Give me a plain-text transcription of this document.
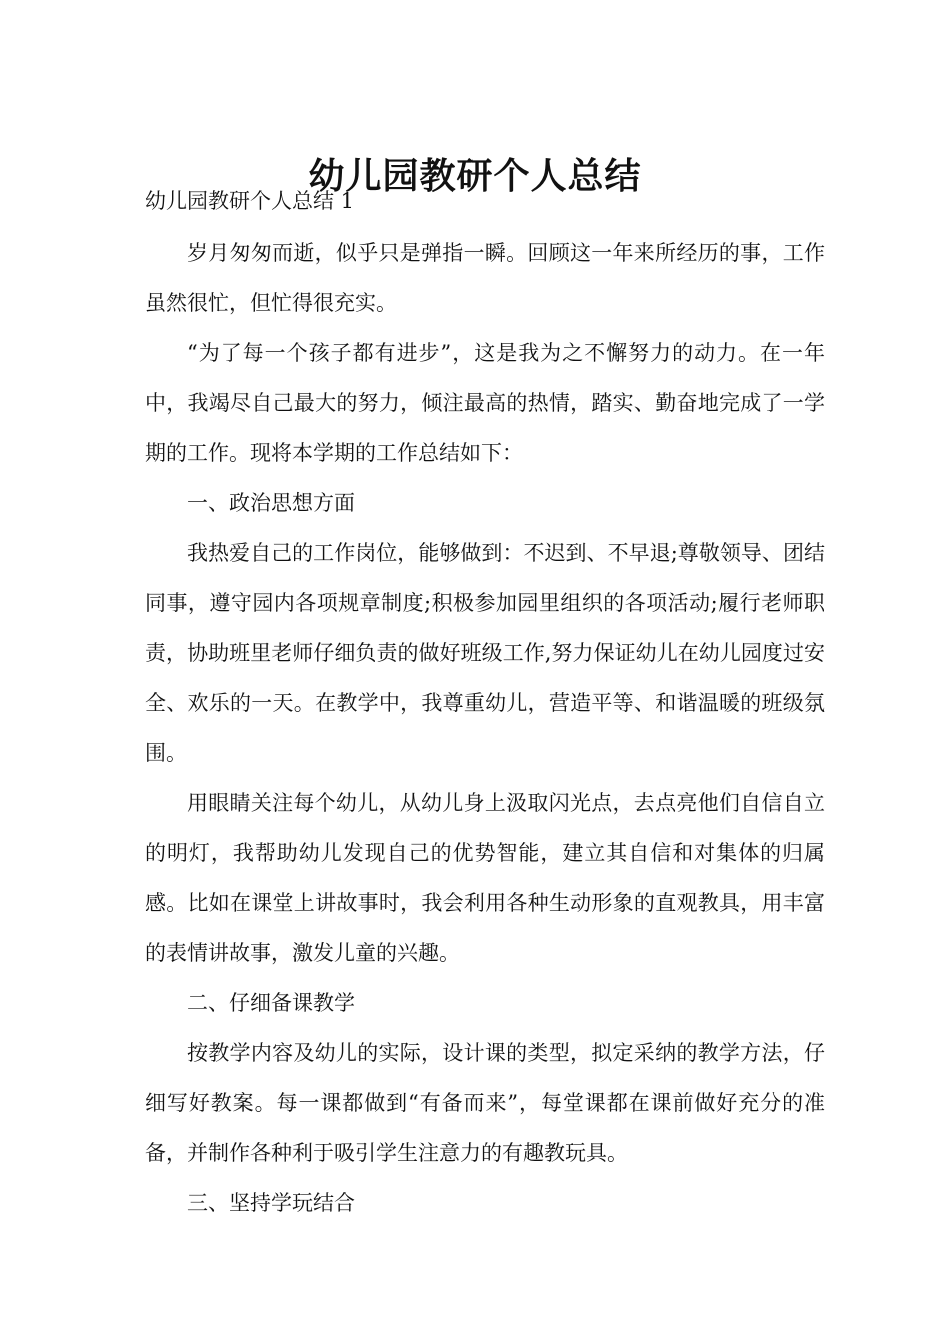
幼儿园教研个人总结
幼儿园教研个人总结 1

岁月匆匆而逝，似乎只是弹指一瞬。回顾这一年来所经历的事，工作虽然很忙，但忙得很充实。

“为了每一个孩子都有进步”，这是我为之不懈努力的动力。在一年中，我竭尽自己最大的努力，倾注最高的热情，踏实、勤奋地完成了一学期的工作。现将本学期的工作总结如下：

一、政治思想方面

我热爱自己的工作岗位，能够做到：不迟到、不早退;尊敬领导、团结同事，遵守园内各项规章制度;积极参加园里组织的各项活动;履行老师职责，协助班里老师仔细负责的做好班级工作,努力保证幼儿在幼儿园度过安全、欢乐的一天。在教学中，我尊重幼儿，营造平等、和谐温暖的班级氛围。

用眼睛关注每个幼儿，从幼儿身上汲取闪光点，去点亮他们自信自立的明灯，我帮助幼儿发现自己的优势智能，建立其自信和对集体的归属感。比如在课堂上讲故事时，我会利用各种生动形象的直观教具，用丰富的表情讲故事，激发儿童的兴趣。

二、仔细备课教学

按教学内容及幼儿的实际，设计课的类型，拟定采纳的教学方法，仔细写好教案。每一课都做到“有备而来”，每堂课都在课前做好充分的准备，并制作各种利于吸引学生注意力的有趣教玩具。

三、坚持学玩结合
